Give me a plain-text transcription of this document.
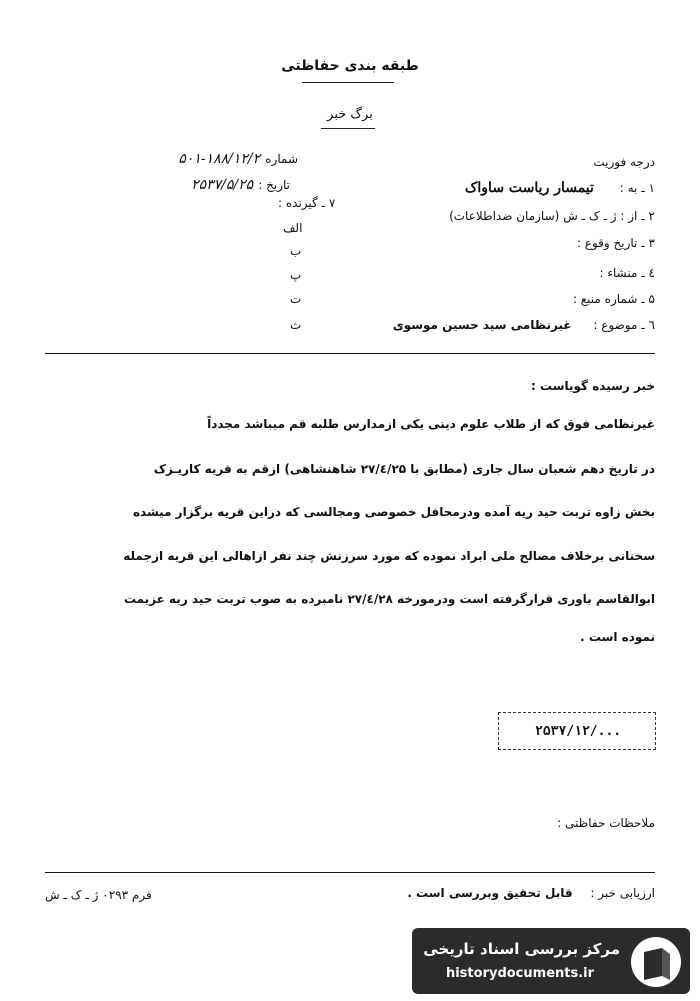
طبقه بندی حفاظتی
برگ خبر
شماره ۱۸۸/۱۲/۲-۵۰۱
تاریخ : ۲۵۳۷/۵/۲۵
درجه فوریت
۱ ـ به : تیمسار ریاست ساواک
۲ ـ از : ژ ـ ک ـ ش (سازمان ضداطلاعات)
۳ ـ تاریخ وقوع :
٤ ـ منشاء :
۵ ـ شماره منبع :
٦ ـ موضوع : غیرنظامی سید حسین موسوی
۷ ـ گیرنده :
الف
ب
پ
ت
ث
خبر رسیده گویاست :
غیرنظامی فوق که از طلاب علوم دینی یکی ازمدارس طلبه قم میباشد مجدداً
در تاریخ دهم شعبان سال جاری (مطابق با ۲۷/٤/۲۵ شاهنشاهی) ازقم به قریه کاریـزک
بخش زاوه تربت حید ریه آمده ودرمحافل خصوصی ومجالسی که دراین قریه برگزار میشده
سخنانی برخلاف مصالح ملی ابراد نموده که مورد سرزنش چند نفر ازاهالی این قریه ازجمله
ابوالقاسم باوری قرارگرفته است ودرمورخه ۲۷/٤/۲۸ نامبرده به صوب تربت حید ریه عزیمت
نموده است .
۲۵۳۷/۱۲/...
ملاحظات حفاظتی :
ارزیابی خبر : قابل تحقیق وبررسی است .
فرم ۰۲۹۳ ژ ـ ک ـ ش
مرکز بررسی اسناد تاریخی
historydocuments.ir
